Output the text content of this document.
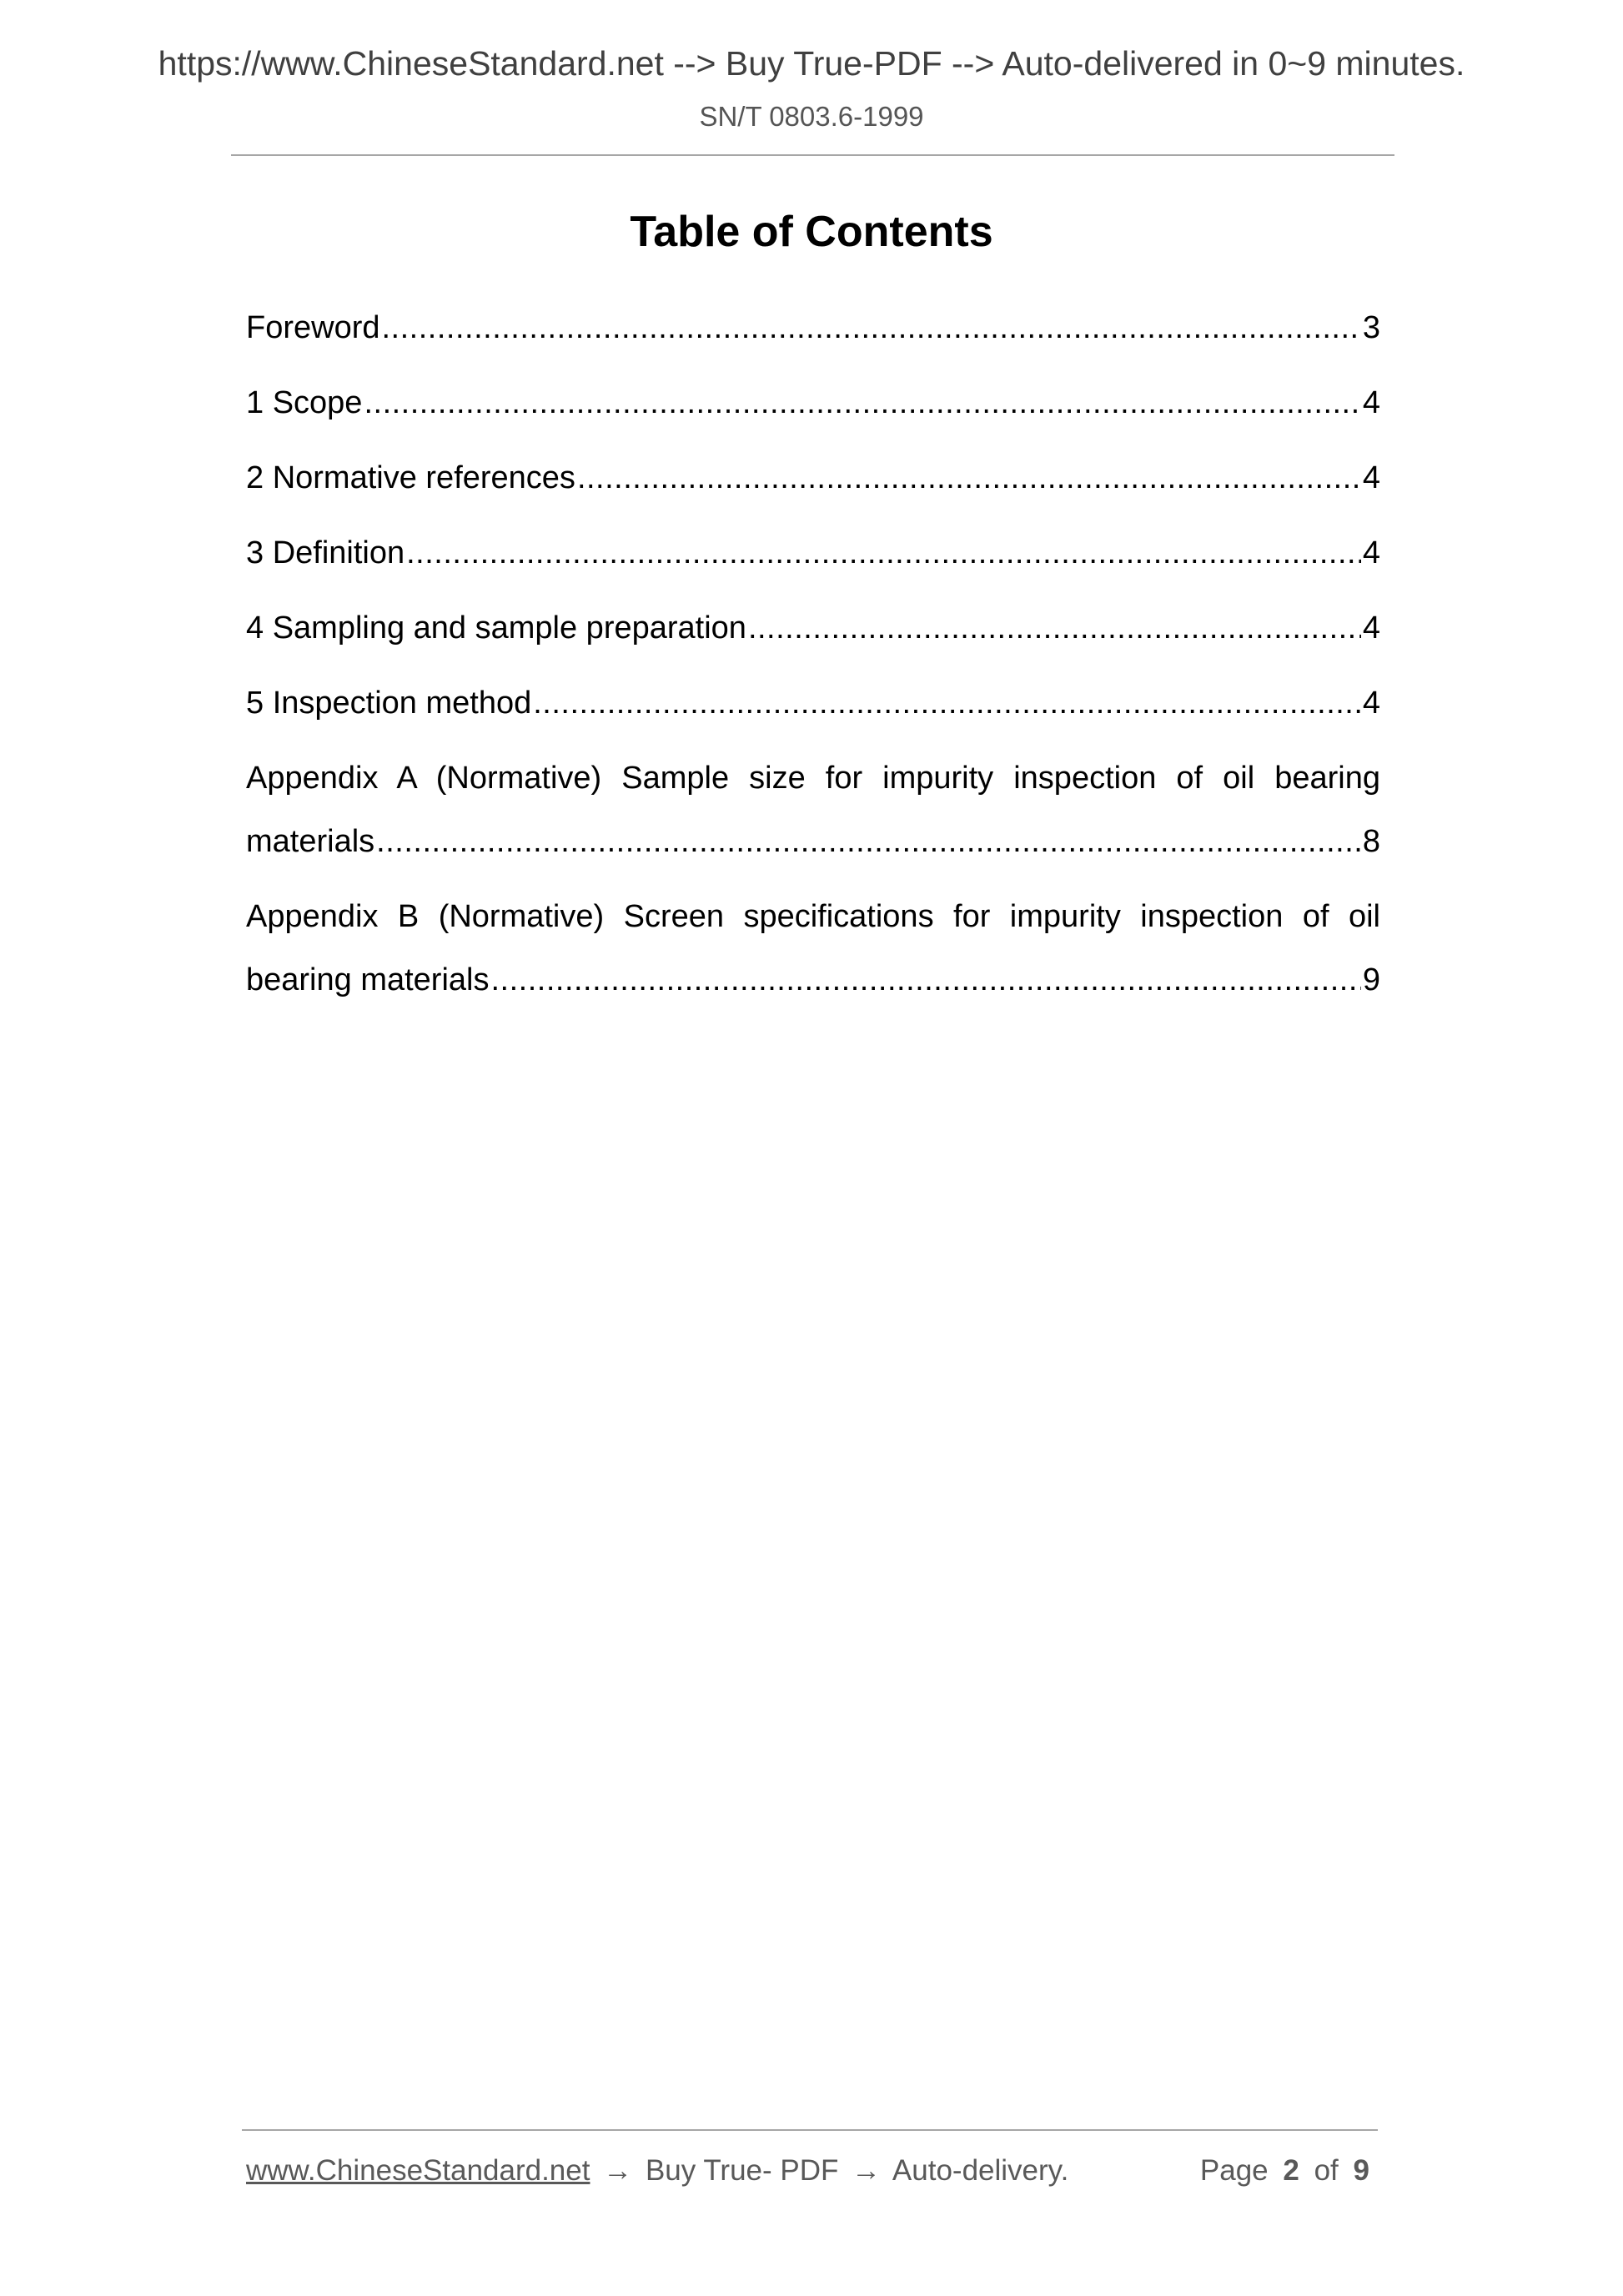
https://www.ChineseStandard.net --> Buy True-PDF --> Auto-delivered in 0~9 minutes.
SN/T 0803.6-1999
Table of Contents
Foreword .....	3
1 Scope .....	4
2 Normative references .....	4
3 Definition .....	4
4 Sampling and sample preparation .....	4
5 Inspection method .....	4
Appendix A (Normative) Sample size for impurity inspection of oil bearing
materials .....	8
Appendix B (Normative) Screen specifications for impurity inspection of oil
bearing materials .....	9
www.ChineseStandard.net → Buy True- PDF → Auto-delivery.	Page 2 of 9
